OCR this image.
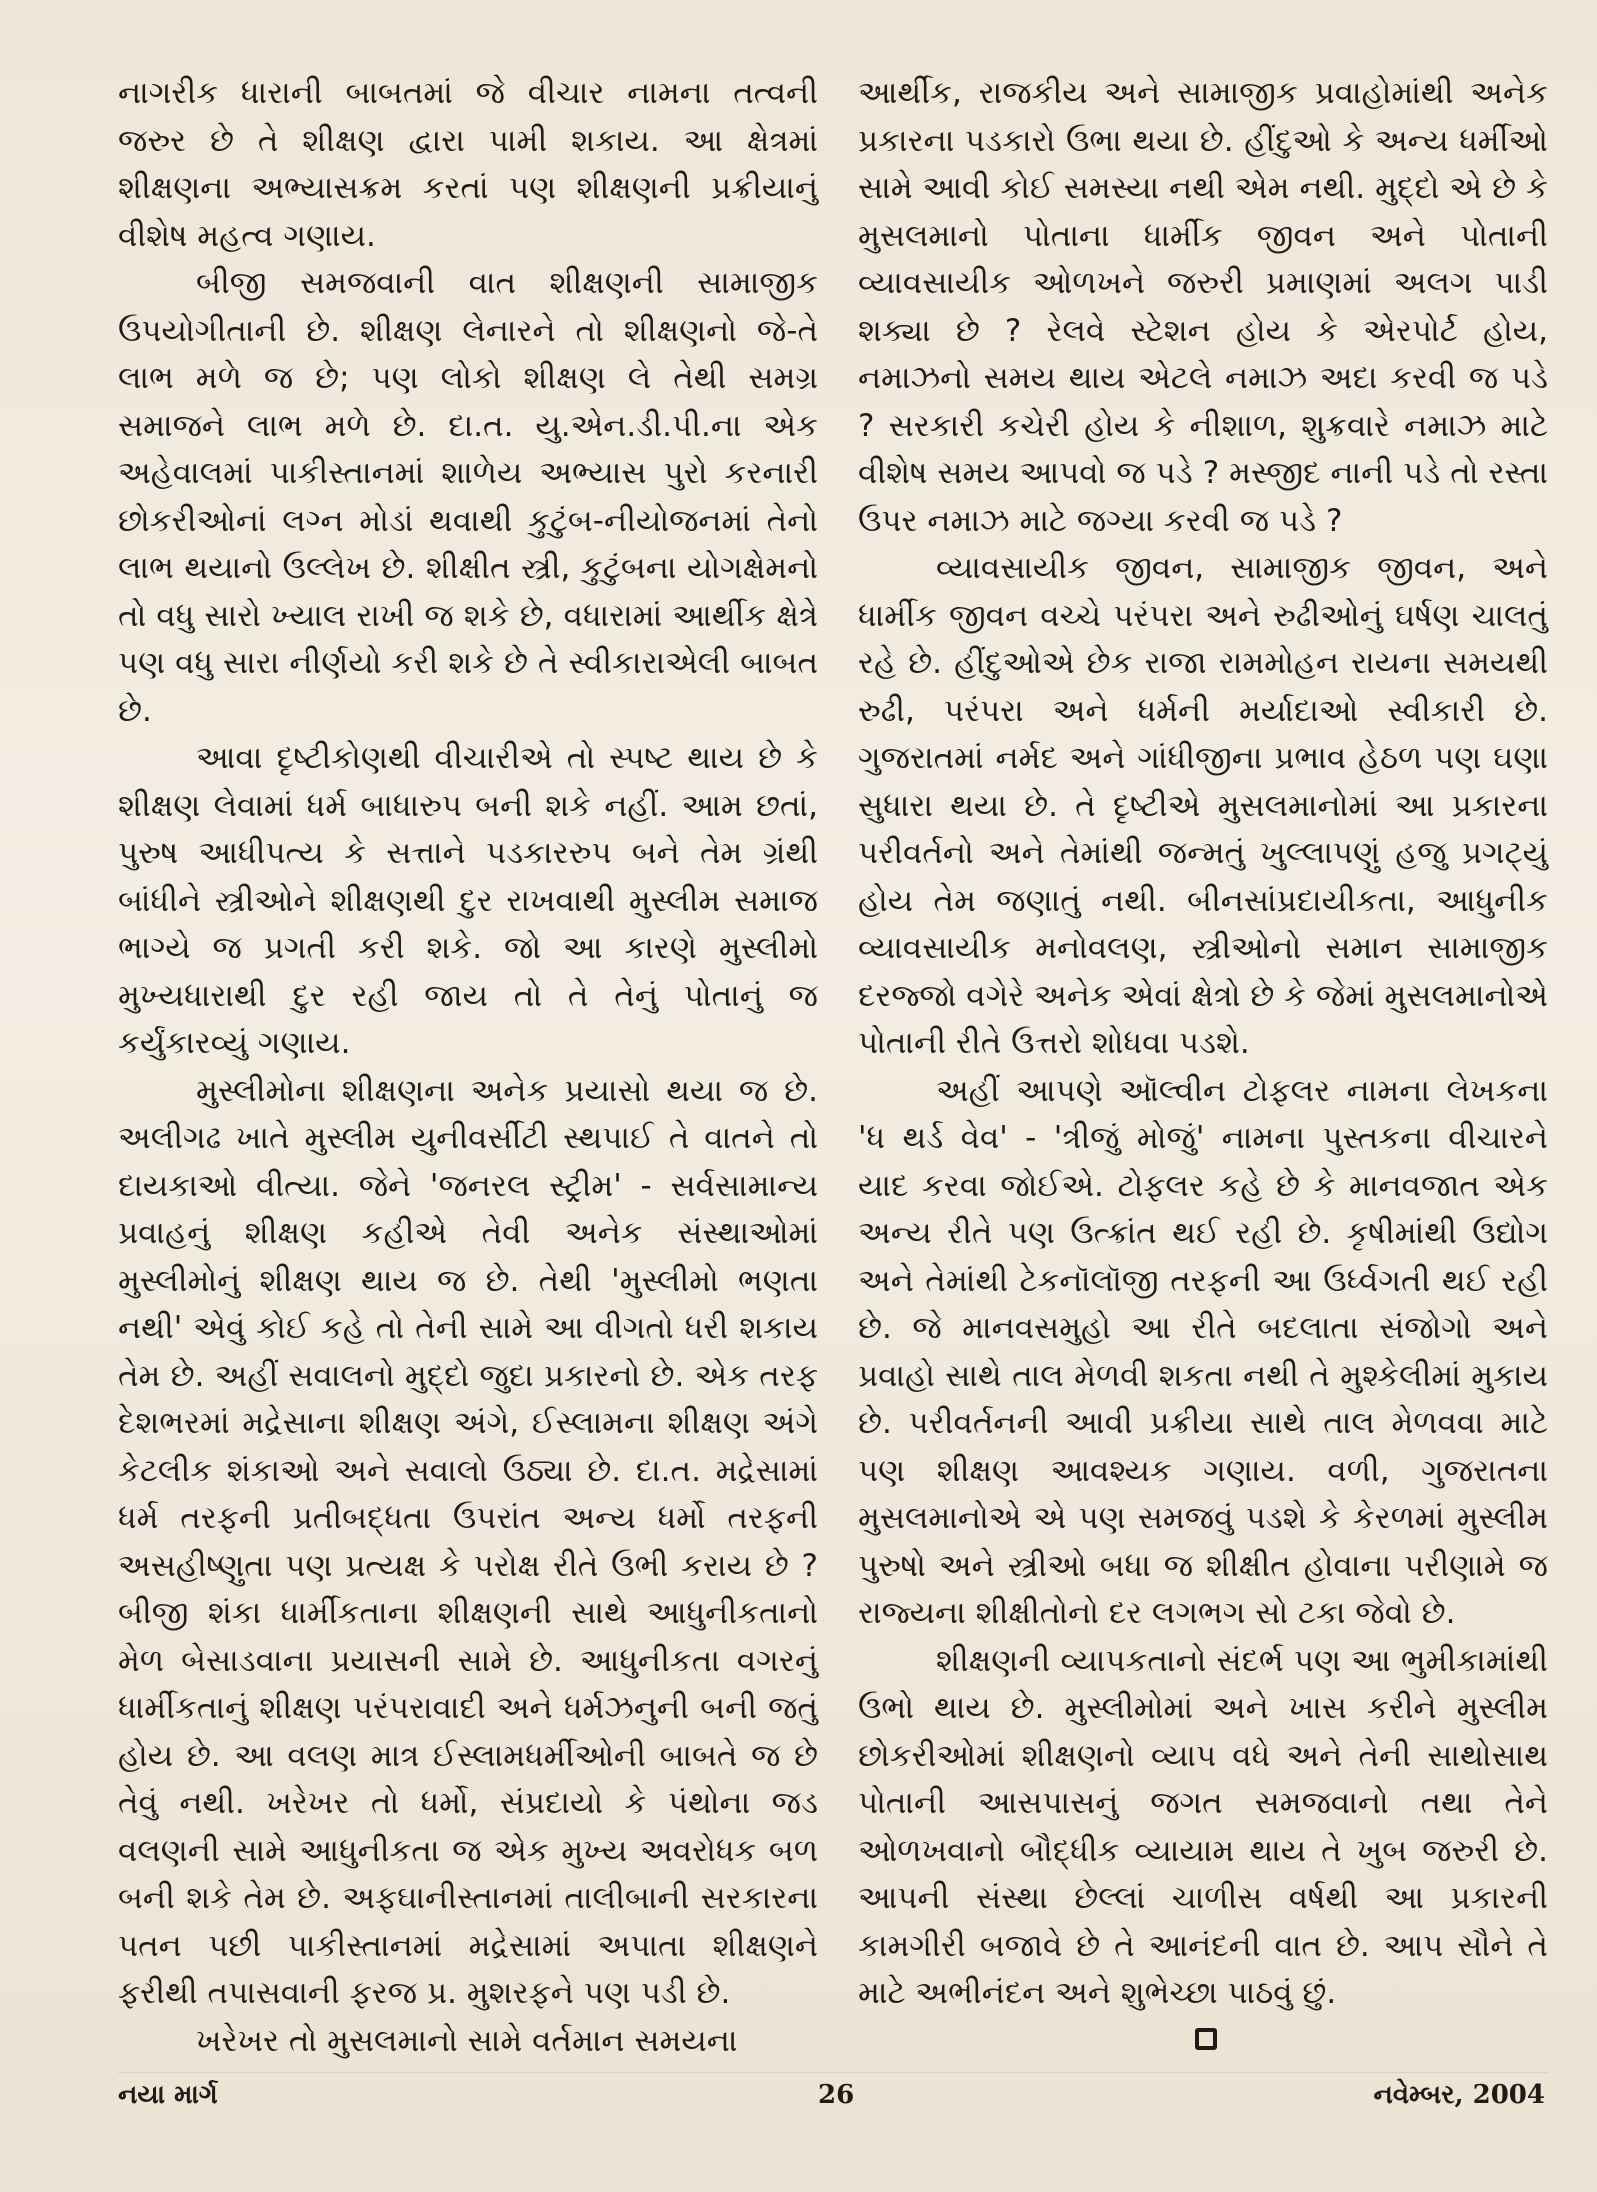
નાગરીક ધારાની બાબતમાં જે વીચાર નામના તત્વની જરુર છે તે શીક્ષણ દ્વારા પામી શકાય. આ ક્ષેત્રમાં શીક્ષણના અભ્યાસક્રમ કરતાં પણ શીક્ષણની પ્રક્રીયાનું વીશેષ મહત્વ ગણાય.

બીજી સમજવાની વાત શીક્ષણની સામાજીક ઉપયોગીતાની છે. શીક્ષણ લેનારને તો શીક્ષણનો જે-તે લાભ મળે જ છે; પણ લોકો શીક્ષણ લે તેથી સમગ્ર સમાજને લાભ મળે છે. દા.ત. યુ.એન.ડી.પી.ના એક અહેવાલમાં પાકીસ્તાનમાં શાળેય અભ્યાસ પુરો કરનારી છોકરીઓનાં લગ્ન મોડાં થવાથી કુટુંબ-નીયોજનમાં તેનો લાભ થયાનો ઉલ્લેખ છે. શીક્ષીત સ્ત્રી, કુટુંબના યોગક્ષેમનો તો વધુ સારો ખ્યાલ રાખી જ શકે છે, વધારામાં આર્થીક ક્ષેત્રે પણ વધુ સારા નીર્ણયો કરી શકે છે તે સ્વીકારાએલી બાબત છે.

આવા દૃષ્ટીકોણથી વીચારીએ તો સ્પષ્ટ થાય છે કે શીક્ષણ લેવામાં ધર્મ બાધારુપ બની શકે નહીં. આમ છતાં, પુરુષ આધીપત્ય કે સત્તાને પડકારરુપ બને તેમ ગ્રંથી બાંધીને સ્ત્રીઓને શીક્ષણથી દુર રાખવાથી મુસ્લીમ સમાજ ભાગ્યે જ પ્રગતી કરી શકે. જો આ કારણે મુસ્લીમો મુખ્યધારાથી દુર રહી જાય તો તે તેનું પોતાનું જ કર્યુંકારવ્યું ગણાય.

મુસ્લીમોના શીક્ષણના અનેક પ્રયાસો થયા જ છે. અલીગઢ ખાતે મુસ્લીમ યુનીવર્સીટી સ્થપાઈ તે વાતને તો દાયકાઓ વીત્યા. જેને 'જનરલ સ્ટ્રીમ' - સર્વસામાન્ય પ્રવાહનું શીક્ષણ કહીએ તેવી અનેક સંસ્થાઓમાં મુસ્લીમોનું શીક્ષણ થાય જ છે. તેથી 'મુસ્લીમો ભણતા નથી' એવું કોઈ કહે તો તેની સામે આ વીગતો ધરી શકાય તેમ છે. અહીં સવાલનો મુદ્દો જુદા પ્રકારનો છે. એક તરફ દેશભરમાં મદ્રેસાના શીક્ષણ અંગે, ઈસ્લામના શીક્ષણ અંગે કેટલીક શંકાઓ અને સવાલો ઉઠ્યા છે. દા.ત. મદ્રેસામાં ધર્મ તરફની પ્રતીબદ્ધતા ઉપરાંત અન્ય ધર્મો તરફની અસહીષ્ણુતા પણ પ્રત્યક્ષ કે પરોક્ષ રીતે ઉભી કરાય છે ? બીજી શંકા ધાર્મીકતાના શીક્ષણની સાથે આધુનીકતાનો મેળ બેસાડવાના પ્રયાસની સામે છે. આધુનીકતા વગરનું ધાર્મીકતાનું શીક્ષણ પરંપરાવાદી અને ધર્મઝનુની બની જતું હોય છે. આ વલણ માત્ર ઈસ્લામધર્મીઓની બાબતે જ છે તેવું નથી. ખરેખર તો ધર્મો, સંપ્રદાયો કે પંથોના જડ વલણની સામે આધુનીકતા જ એક મુખ્ય અવરોધક બળ બની શકે તેમ છે. અફઘાનીસ્તાનમાં તાલીબાની સરકારના પતન પછી પાકીસ્તાનમાં મદ્રેસામાં અપાતા શીક્ષણને ફરીથી તપાસવાની ફરજ પ્ર. મુશરફને પણ પડી છે.

ખરેખર તો મુસલમાનો સામે વર્તમાન સમયના

આર્થીક, રાજકીય અને સામાજીક પ્રવાહોમાંથી અનેક પ્રકારના પડકારો ઉભા થયા છે. હીંદુઓ કે અન્ય ધર્મીઓ સામે આવી કોઈ સમસ્યા નથી એમ નથી. મુદ્દો એ છે કે મુસલમાનો પોતાના ધાર્મીક જીવન અને પોતાની વ્યાવસાયીક ઓળખને જરુરી પ્રમાણમાં અલગ પાડી શક્યા છે ? રેલવે સ્ટેશન હોય કે એરપોર્ટ હોય, નમાઝનો સમય થાય એટલે નમાઝ અદા કરવી જ પડે ? સરકારી કચેરી હોય કે નીશાળ, શુક્રવારે નમાઝ માટે વીશેષ સમય આપવો જ પડે ? મસ્જીદ નાની પડે તો રસ્તા ઉપર નમાઝ માટે જગ્યા કરવી જ પડે ?

વ્યાવસાયીક જીવન, સામાજીક જીવન, અને ધાર્મીક જીવન વચ્ચે પરંપરા અને રુઢીઓનું ઘર્ષણ ચાલતું રહે છે. હીંદુઓએ છેક રાજા રામમોહન રાયના સમયથી રુઢી, પરંપરા અને ધર્મની મર્યાદાઓ સ્વીકારી છે. ગુજરાતમાં નર્મદ અને ગાંધીજીના પ્રભાવ હેઠળ પણ ઘણા સુધારા થયા છે. તે દૃષ્ટીએ મુસલમાનોમાં આ પ્રકારના પરીવર્તનો અને તેમાંથી જન્મતું ખુલ્લાપણું હજુ પ્રગટ્યું હોય તેમ જણાતું નથી. બીનસાંપ્રદાયીકતા, આધુનીક વ્યાવસાયીક મનોવલણ, સ્ત્રીઓનો સમાન સામાજીક દરજ્જો વગેરે અનેક એવાં ક્ષેત્રો છે કે જેમાં મુસલમાનોએ પોતાની રીતે ઉત્તરો શોધવા પડશે.

અહીં આપણે ઑલ્વીન ટોફલર નામના લેખકના 'ધ થર્ડ વેવ' - 'ત્રીજું મોજું' નામના પુસ્તકના વીચારને યાદ કરવા જોઈએ. ટોફલર કહે છે કે માનવજાત એક અન્ય રીતે પણ ઉત્ક્રાંત થઈ રહી છે. કૃષીમાંથી ઉદ્યોગ અને તેમાંથી ટેકનૉલૉજી તરફની આ ઉર્ધ્વગતી થઈ રહી છે. જે માનવસમુહો આ રીતે બદલાતા સંજોગો અને પ્રવાહો સાથે તાલ મેળવી શકતા નથી તે મુશ્કેલીમાં મુકાય છે. પરીવર્તનની આવી પ્રક્રીયા સાથે તાલ મેળવવા માટે પણ શીક્ષણ આવશ્યક ગણાય. વળી, ગુજરાતના મુસલમાનોએ એ પણ સમજવું પડશે કે કેરળમાં મુસ્લીમ પુરુષો અને સ્ત્રીઓ બધા જ શીક્ષીત હોવાના પરીણામે જ રાજ્યના શીક્ષીતોનો દર લગભગ સો ટકા જેવો છે.

શીક્ષણની વ્યાપકતાનો સંદર્ભ પણ આ ભુમીકામાંથી ઉભો થાય છે. મુસ્લીમોમાં અને ખાસ કરીને મુસ્લીમ છોકરીઓમાં શીક્ષણનો વ્યાપ વધે અને તેની સાથોસાથ પોતાની આસપાસનું જગત સમજવાનો તથા તેને ઓળખવાનો બૌદ્ધીક વ્યાયામ થાય તે ખુબ જરુરી છે. આપની સંસ્થા છેલ્લાં ચાળીસ વર્ષથી આ પ્રકારની કામગીરી બજાવે છે તે આનંદની વાત છે. આપ સૌને તે માટે અભીનંદન અને શુભેચ્છા પાઠવું છું.

નયા માર્ગ	26	નવેમ્બર, 2004
